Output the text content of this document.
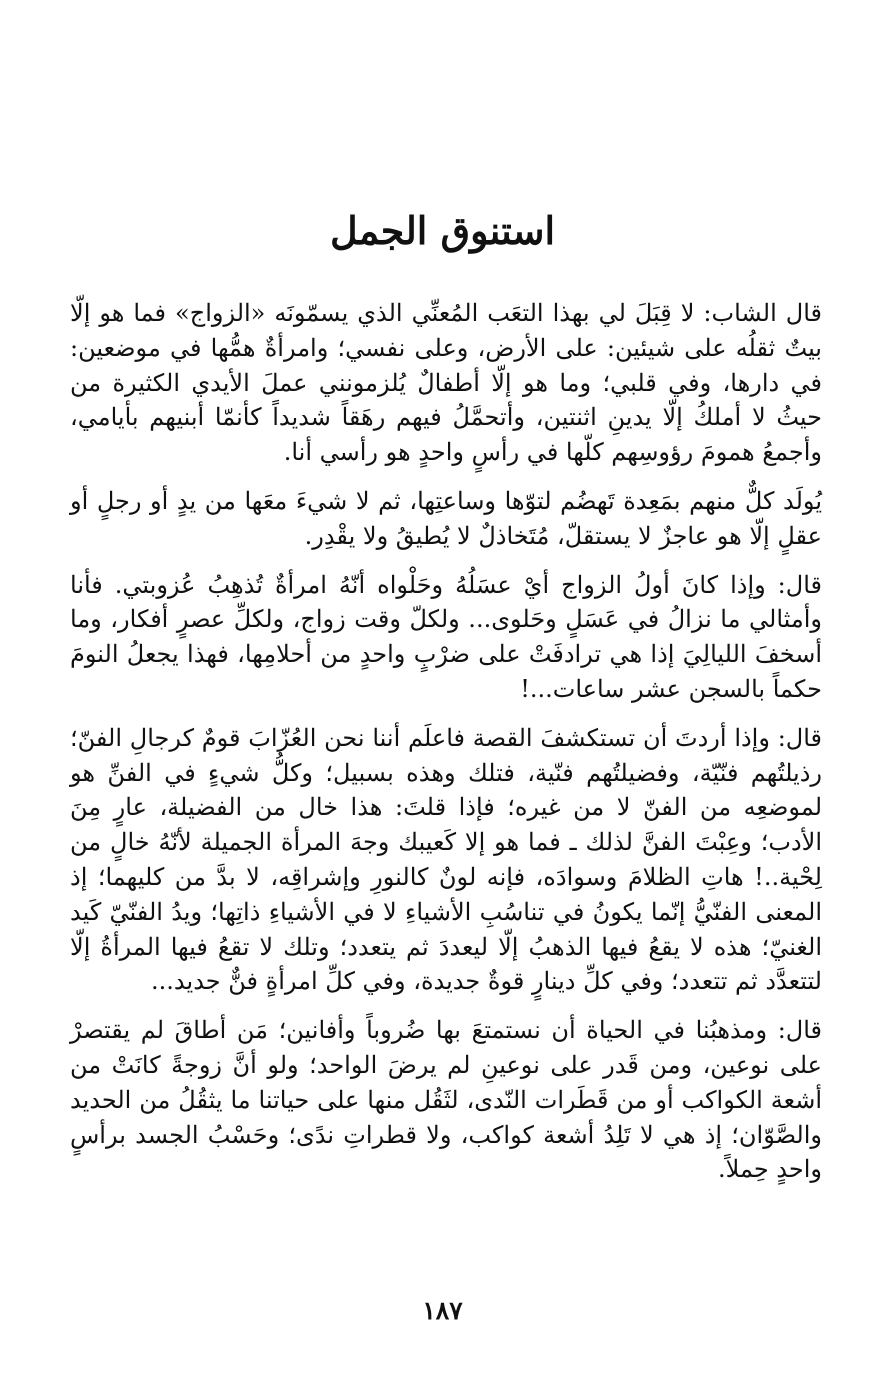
استنوق الجمل

قال الشاب: لا قِبَلَ لي بهذا التعَب المُعنِّي الذي يسمّونَه «الزواج» فما هو إلّا بيتٌ ثقلُه على شيئين: على الأرض، وعلى نفسي؛ وامرأةٌ همُّها في موضعين: في دارها، وفي قلبي؛ وما هو إلّا أطفالٌ يُلزمونني عملَ الأيدي الكثيرة من حيثُ لا أملكُ إلّا يدينِ اثنتين، وأتحمَّلُ فيهم رهَقاً شديداً كأنمّا أبنيهم بأيامي، وأجمعُ همومَ رؤوسِهم كلّها في رأسٍ واحدٍ هو رأسي أنا.

يُولَد كلٌّ منهم بمَعِدة تَهضُم لتوّها وساعتِها، ثم لا شيءَ معَها من يدٍ أو رجلٍ أو عقلٍ إلّا هو عاجزٌ لا يستقلّ، مُتَخاذلٌ لا يُطيقُ ولا يقْدِر.

قال: وإذا كانَ أولُ الزواج أيْ عسَلُهُ وحَلْواه أنّهُ امرأةٌ تُذهِبُ عُزوبتي. فأنا وأمثالي ما نزالُ في عَسَلٍ وحَلوى... ولكلّ وقت زواج، ولكلِّ عصرٍ أفكار، وما أسخفَ الليالِيَ إذا هي ترادفَتْ على ضرْبٍ واحدٍ من أحلامِها، فهذا يجعلُ النومَ حكماً بالسجن عشر ساعات...!

قال: وإذا أردتَ أن تستكشفَ القصة فاعلَم أننا نحن العُزّابَ قومٌ كرجالِ الفنّ؛ رذيلتُهم فنّيّة، وفضيلتُهم فنّية، فتلك وهذه بسبيل؛ وكلُّ شيءٍ في الفنِّ هو لموضعِه من الفنّ لا من غيره؛ فإذا قلتَ: هذا خال من الفضيلة، عارٍ مِنَ الأدب؛ وعِبْتَ الفنَّ لذلك ـ فما هو إلا كَعيبك وجهَ المرأة الجميلة لأنّهُ خالٍ من لِحْية..! هاتِ الظلامَ وسوادَه، فإنه لونٌ كالنورِ وإشراقِه، لا بدَّ من كليهما؛ إذ المعنى الفنّيُّ إنّما يكونُ في تناسُبِ الأشياءِ لا في الأشياءِ ذاتِها؛ ويدُ الفنّيّ كَيد الغنيّ؛ هذه لا يقعُ فيها الذهبُ إلّا ليعددَ ثم يتعدد؛ وتلك لا تقعُ فيها المرأةُ إلّا لتتعدَّد ثم تتعدد؛ وفي كلِّ دينارٍ قوةٌ جديدة، وفي كلِّ امرأةٍ فنٌّ جديد...

قال: ومذهبُنا في الحياة أن نستمتعَ بها ضُروباً وأفانين؛ مَن أطاقَ لم يقتصرْ على نوعين، ومن قَدر على نوعينِ لم يرضَ الواحد؛ ولو أنَّ زوجةً كانَتْ من أشعة الكواكب أو من قَطَرات النّدى، لثَقُل منها على حياتنا ما يثقُلُ من الحديد والصَّوّان؛ إذ هي لا تَلِدُ أشعة كواكب، ولا قطراتِ ندًى؛ وحَسْبُ الجسد برأسٍ واحدٍ حِملاً.

١٨٧
